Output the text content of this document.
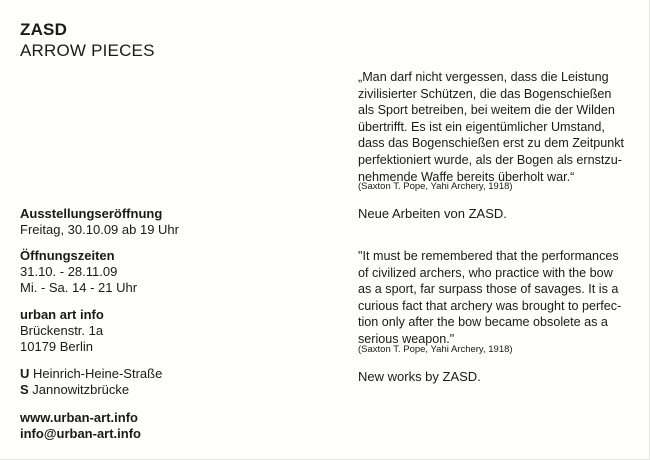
ZASD
ARROW PIECES
„Man darf nicht vergessen, dass die Leistung
zivilisierter Schützen, die das Bogenschießen
als Sport betreiben, bei weitem die der Wilden
übertrifft. Es ist ein eigentümlicher Umstand,
dass das Bogenschießen erst zu dem Zeitpunkt
perfektioniert wurde, als der Bogen als ernstzu-
nehmende Waffe bereits überholt war.“
(Saxton T. Pope, Yahi Archery, 1918)
Neue Arbeiten von ZASD.
"It must be remembered that the performances
of civilized archers, who practice with the bow
as a sport, far surpass those of savages. It is a
curious fact that archery was brought to perfec-
tion only after the bow became obsolete as a
serious weapon."
(Saxton T. Pope, Yahi Archery, 1918)
New works by ZASD.
Ausstellungseröffnung
Freitag, 30.10.09 ab 19 Uhr
Öffnungszeiten
31.10. - 28.11.09
Mi. - Sa. 14 - 21 Uhr
urban art info
Brückenstr. 1a
10179 Berlin
U Heinrich-Heine-Straße
S Jannowitzbrücke
www.urban-art.info
info@urban-art.info
